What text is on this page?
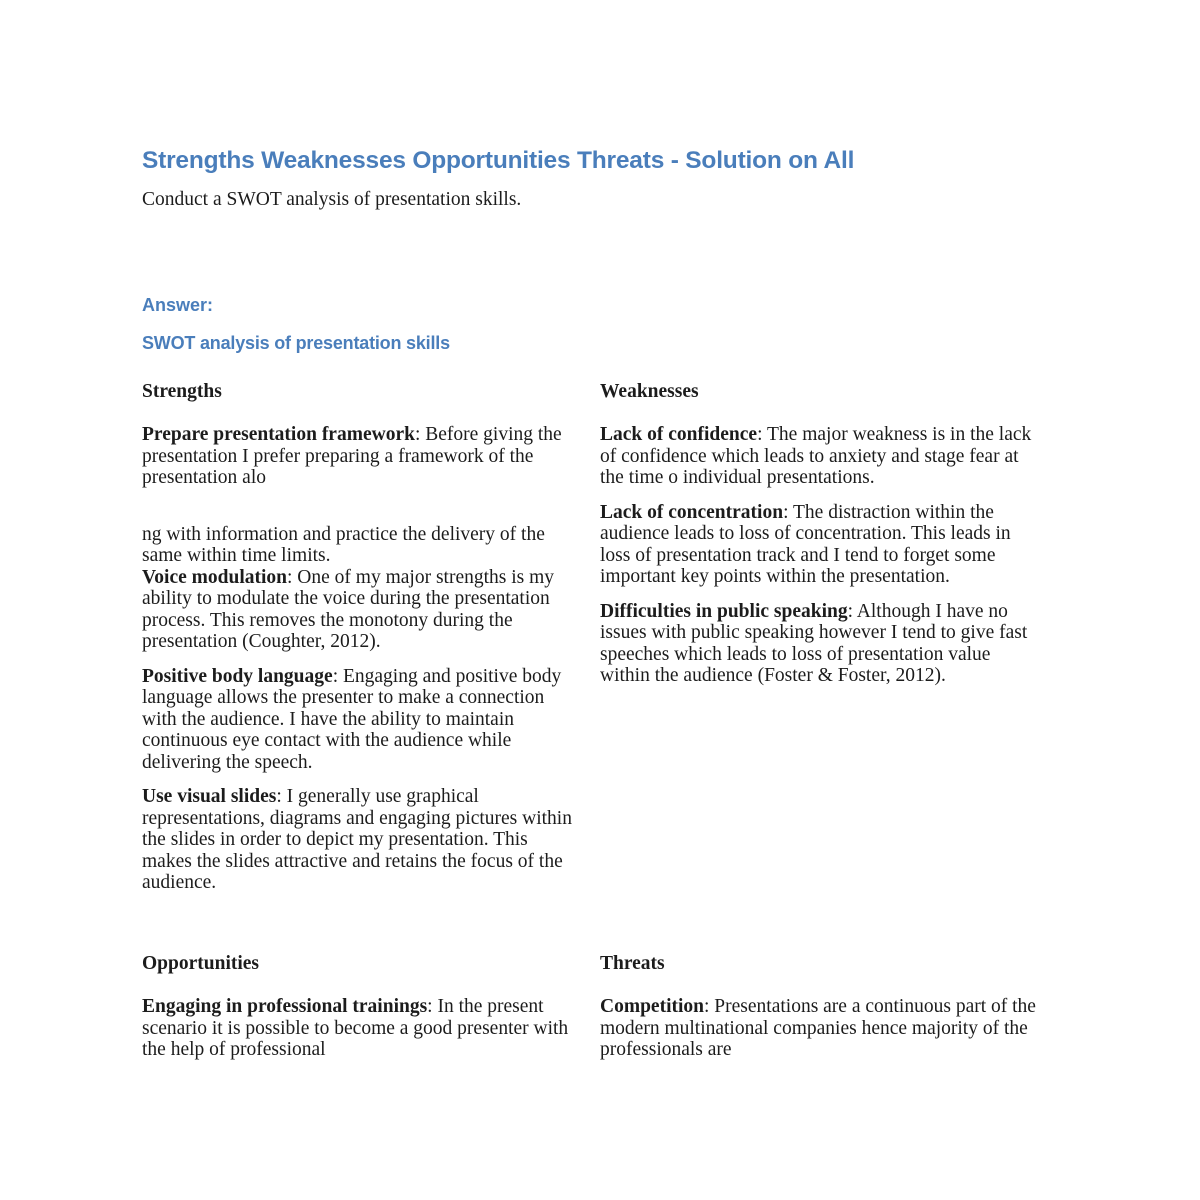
Strengths Weaknesses Opportunities Threats - Solution on All

Conduct a SWOT analysis of presentation skills.

Answer:

SWOT analysis of presentation skills

Strengths

Prepare presentation framework: Before giving the presentation I prefer preparing a framework of the presentation alo

ng with information and practice the delivery of the same within time limits.

Voice modulation: One of my major strengths is my ability to modulate the voice during the presentation process. This removes the monotony during the presentation (Coughter, 2012).

Positive body language: Engaging and positive body language allows the presenter to make a connection with the audience. I have the ability to maintain continuous eye contact with the audience while delivering the speech.

Use visual slides: I generally use graphical representations, diagrams and engaging pictures within the slides in order to depict my presentation. This makes the slides attractive and retains the focus of the audience.

Weaknesses

Lack of confidence: The major weakness is in the lack of confidence which leads to anxiety and stage fear at the time o individual presentations.

Lack of concentration: The distraction within the audience leads to loss of concentration. This leads in loss of presentation track and I tend to forget some important key points within the presentation.

Difficulties in public speaking: Although I have no issues with public speaking however I tend to give fast speeches which leads to loss of presentation value within the audience (Foster & Foster, 2012).

Opportunities

Engaging in professional trainings: In the present scenario it is possible to become a good presenter with the help of professional

Threats

Competition: Presentations are a continuous part of the modern multinational companies hence majority of the professionals are
